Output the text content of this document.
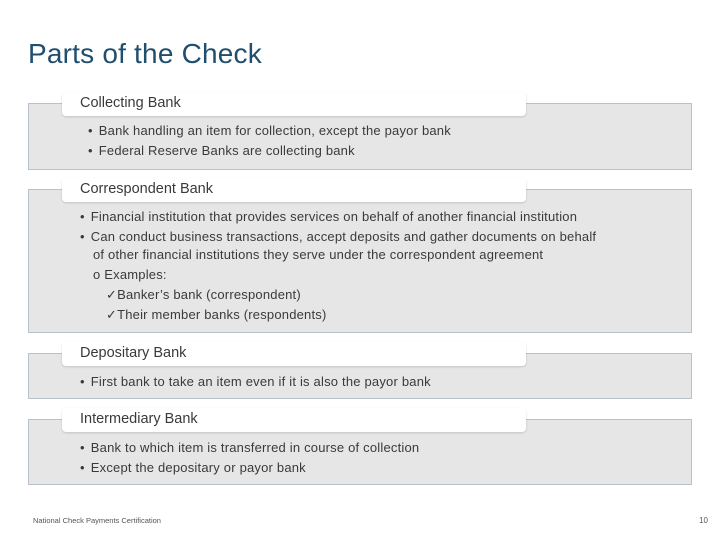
Parts of the Check
Collecting Bank
• Bank handling an item for collection, except the payor bank
• Federal Reserve Banks are collecting bank
Correspondent Bank
• Financial institution that provides services on behalf of another financial institution
• Can conduct business transactions, accept deposits and gather documents on behalf
of other financial institutions they serve under the correspondent agreement
o Examples:
✓Banker’s bank (correspondent)
✓Their member banks (respondents)
Depositary Bank
• First bank to take an item even if it is also the payor bank
Intermediary Bank
• Bank to which item is transferred in course of collection
• Except the depositary or payor bank
National Check Payments Certification	10
